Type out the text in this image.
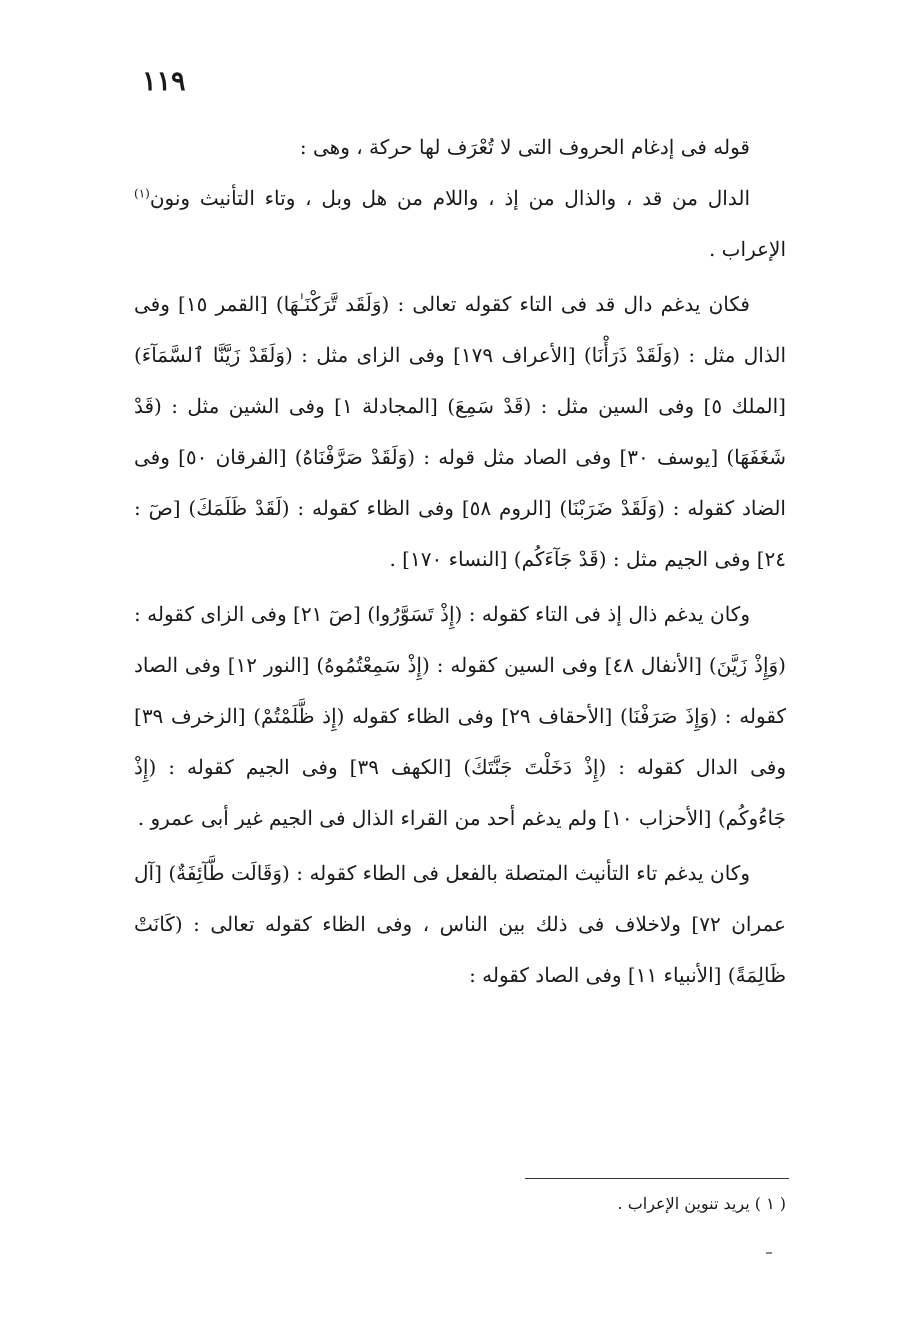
١١٩

قوله فى إدغام الحروف التى لا تُعْرَف لها حركة ، وهى :

الدال من قد ، والذال من إذ ، واللام من هل وبل ، وتاء التأنيث ونون$^{(١)}$ الإعراب .

فكان يدغم دال قد فى التاء كقوله تعالى : (وَلَقَد تَّرَكْنَـٰهَا) [القمر ١٥] وفى الذال مثل : (وَلَقَدْ ذَرَأْنَا) [الأعراف ١٧٩] وفى الزاى مثل : (وَلَقَدْ زَيَّنَّا ٱلسَّمَآءَ) [الملك ٥] وفى السين مثل : (قَدْ سَمِعَ) [المجادلة ١] وفى الشين مثل : (قَدْ شَغَفَهَا) [يوسف ٣٠] وفى الصاد مثل قوله : (وَلَقَدْ صَرَّفْنَاهُ) [الفرقان ٥٠] وفى الضاد كقوله : (وَلَقَدْ ضَرَبْنَا) [الروم ٥٨] وفى الظاء كقوله : (لَقَدْ ظَلَمَكَ) [صٓ : ٢٤] وفى الجيم مثل : (قَدْ جَآءَكُم) [النساء ١٧٠] .

وكان يدغم ذال إذ فى التاء كقوله : (إِذْ تَسَوَّرُوا) [صٓ ٢١] وفى الزاى كقوله : (وَإِذْ زَيَّنَ) [الأنفال ٤٨] وفى السين كقوله : (إِذْ سَمِعْتُمُوهُ) [النور ١٢] وفى الصاد كقوله : (وَإِذَ صَرَفْنَا) [الأحقاف ٢٩] وفى الظاء كقوله (إِذ ظَّلَمْتُمْ) [الزخرف ٣٩] وفى الدال كقوله : (إِذْ دَخَلْتَ جَنَّتَكَ) [الكهف ٣٩] وفى الجيم كقوله : (إِذْ جَاءُوكُم) [الأحزاب ١٠] ولم يدغم أحد من القراء الذال فى الجيم غير أبى عمرو .

وكان يدغم تاء التأنيث المتصلة بالفعل فى الطاء كقوله : (وَقَالَت طَّآئِفَةٌ) [آل عمران ٧٢] ولاخلاف فى ذلك بين الناس ، وفى الظاء كقوله تعالى : (كَانَتْ ظَالِمَةً) [الأنبياء ١١] وفى الصاد كقوله :

( ١ ) يريد تنوين الإعراب .
